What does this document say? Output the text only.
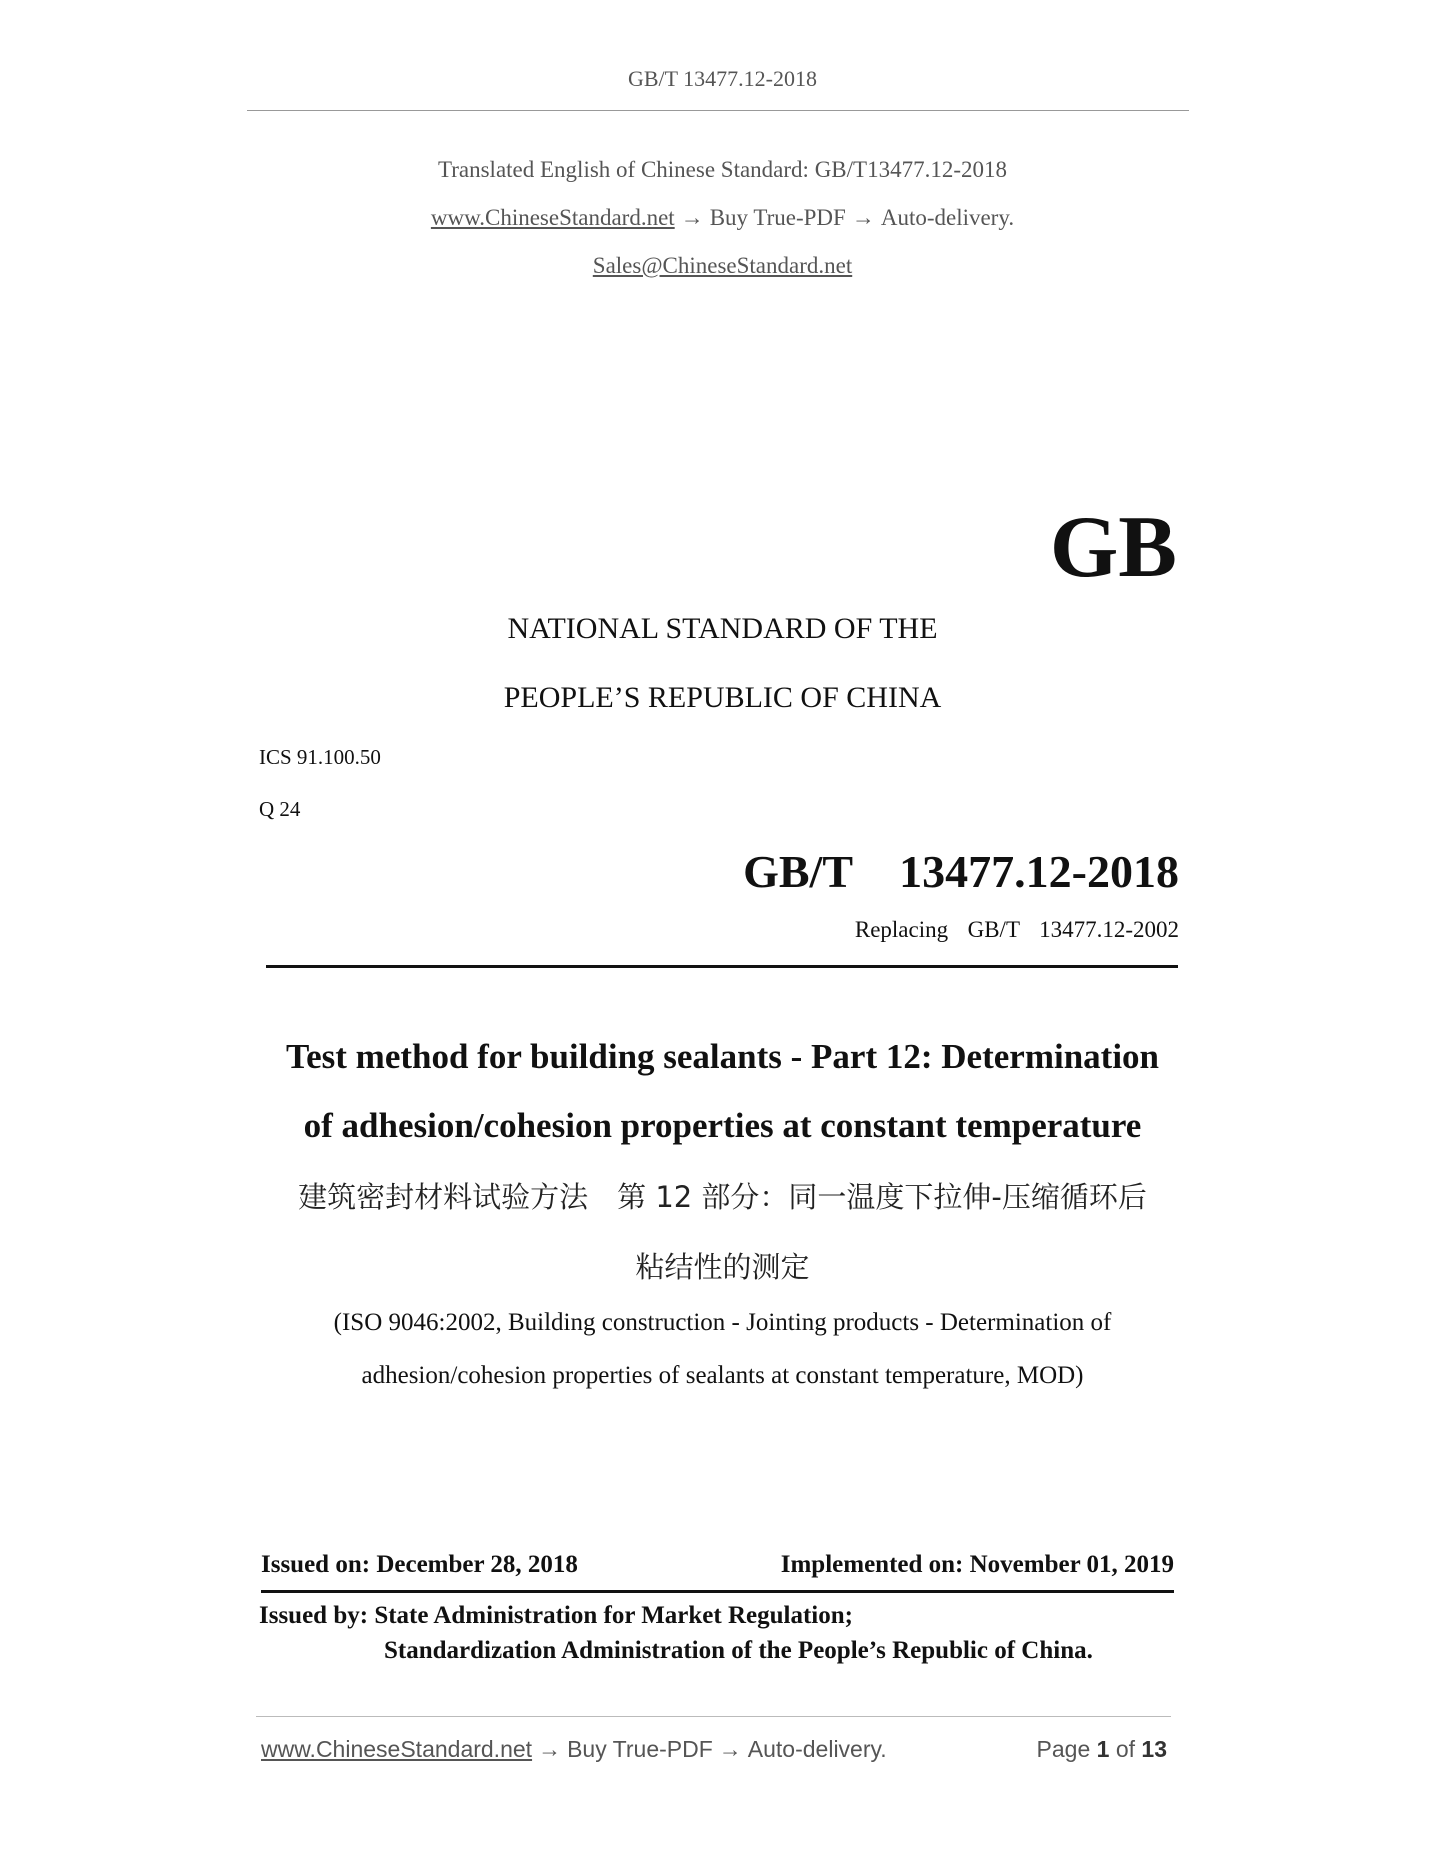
GB/T 13477.12-2018
Translated English of Chinese Standard: GB/T13477.12-2018
www.ChineseStandard.net → Buy True-PDF → Auto-delivery.
Sales@ChineseStandard.net
GB
NATIONAL STANDARD OF THE
PEOPLE’S REPUBLIC OF CHINA
ICS 91.100.50
Q 24
GB/T  13477.12-2018
Replacing  GB/T  13477.12-2002
Test method for building sealants - Part 12: Determination
of adhesion/cohesion properties at constant temperature
建筑密封材料试验方法　第 12 部分：同一温度下拉伸-压缩循环后
粘结性的测定
(ISO 9046:2002, Building construction - Jointing products - Determination of
adhesion/cohesion properties of sealants at constant temperature, MOD)
Issued on: December 28, 2018	Implemented on: November 01, 2019
Issued by: State Administration for Market Regulation;
Standardization Administration of the People’s Republic of China.
www.ChineseStandard.net → Buy True-PDF → Auto-delivery.	Page 1 of 13
